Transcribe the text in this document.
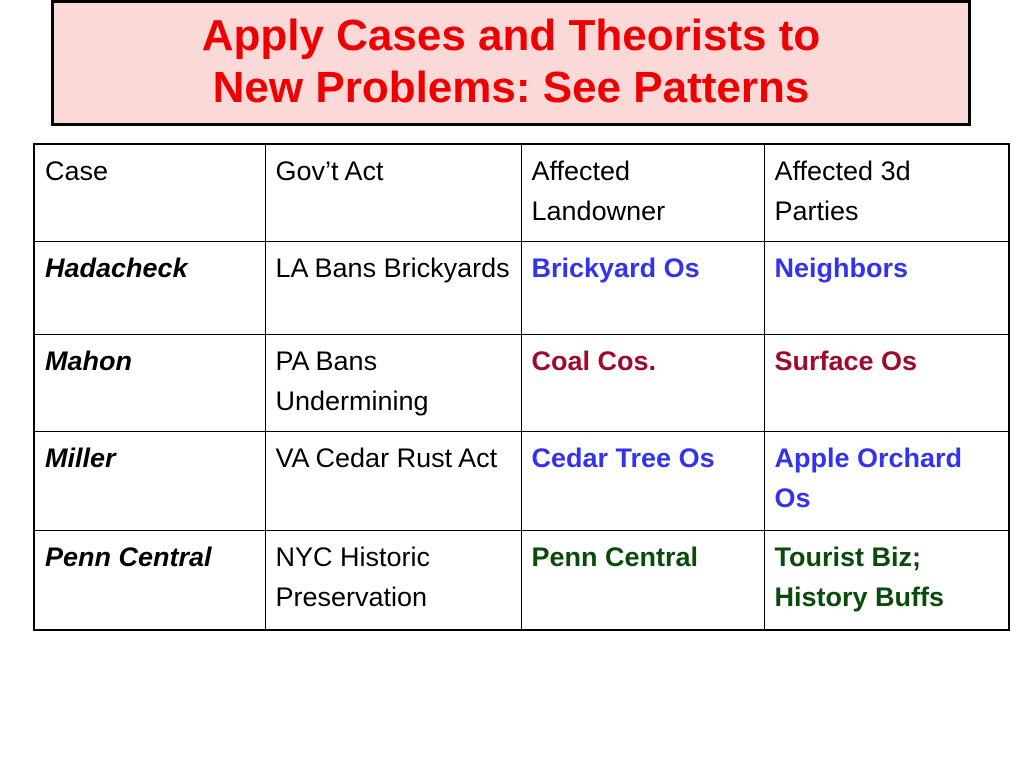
Apply Cases and Theorists to
New Problems: See Patterns
Case	Gov’t Act	Affected Landowner	Affected 3d Parties
Hadacheck	LA Bans Brickyards	Brickyard Os	Neighbors
Mahon	PA Bans Undermining	Coal Cos.	Surface Os
Miller	VA Cedar Rust Act	Cedar Tree Os	Apple Orchard Os
Penn Central	NYC Historic Preservation	Penn Central	Tourist Biz; History Buffs
